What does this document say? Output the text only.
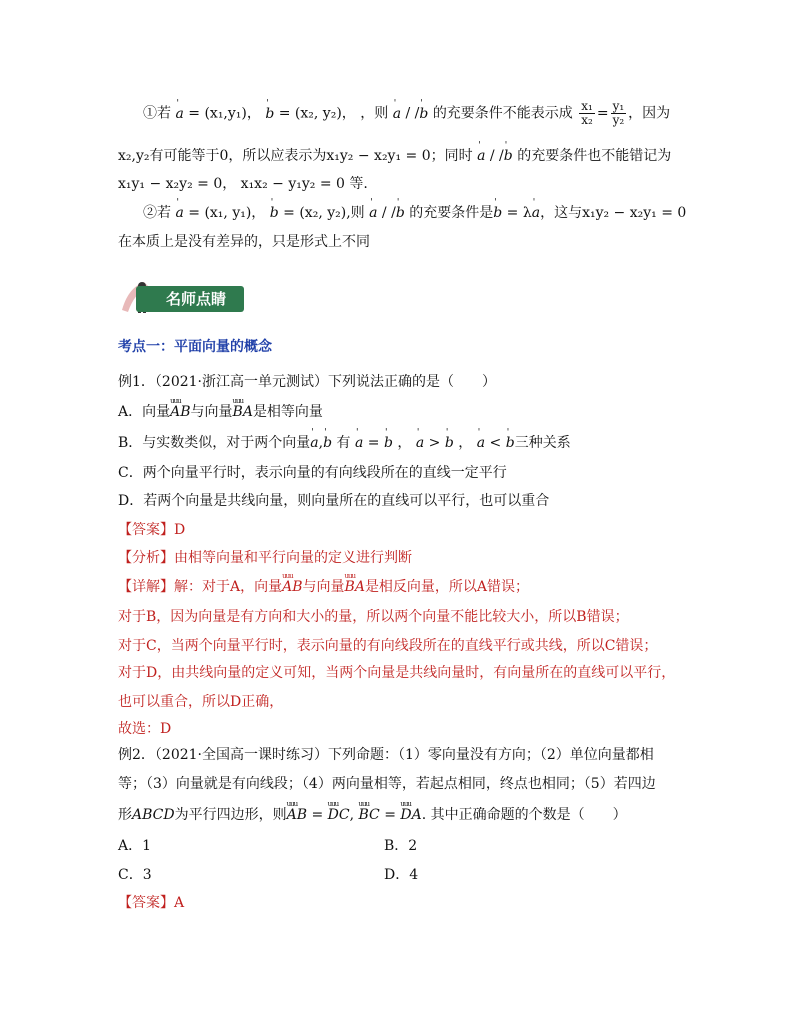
①若 ' a = (x₁,y₁)， ' b = (x₂, y₂)， ，则 ' a / /' b 的充要条件不能表示成 $\frac{\text{x₁}}{\text{x₂}} = \frac{\text{y₁}}{\text{y₂}}$ ，因为
x₂,y₂有可能等于0，所以应表示为x₁y₂ − x₂y₁ = 0；同时 ' a / /' b 的充要条件也不能错记为
x₁y₁ − x₂y₂ = 0， x₁x₂ − y₁y₂ = 0 等.
②若 ' a = (x₁, y₁)， ' b = (x₂, y₂),则 ' a / /' b 的充要条件是' b = λ' a，这与x₁y₂ − x₂y₁ = 0
在本质上是没有差异的，只是形式上不同
名师点睛
考点一：平面向量的概念
例1．（2021·浙江高一单元测试）下列说法正确的是（　　）
A．向量uuu AB与向量uuu BA是相等向量
B．与实数类似，对于两个向量' a,' b 有 ' a = ' b ， ' a > ' b ， ' a < ' b三种关系
C．两个向量平行时，表示向量的有向线段所在的直线一定平行
D．若两个向量是共线向量，则向量所在的直线可以平行，也可以重合
【答案】D
【分析】由相等向量和平行向量的定义进行判断
【详解】解：对于A，向量uuu AB与向量uuu BA是相反向量，所以A错误；
对于B，因为向量是有方向和大小的量，所以两个向量不能比较大小，所以B错误；
对于C，当两个向量平行时，表示向量的有向线段所在的直线平行或共线，所以C错误；
对于D，由共线向量的定义可知，当两个向量是共线向量时，有向量所在的直线可以平行，
也可以重合，所以D正确，
故选：D
例2．（2021·全国高一课时练习）下列命题：（1）零向量没有方向；（2）单位向量都相
等；（3）向量就是有向线段；（4）两向量相等，若起点相同，终点也相同；（5）若四边
形ABCD为平行四边形，则uuu AB = uuu DC, uuu BC = uuu DA. 其中正确命题的个数是（　　）
A．1	B．2
C．3	D．4
【答案】A
